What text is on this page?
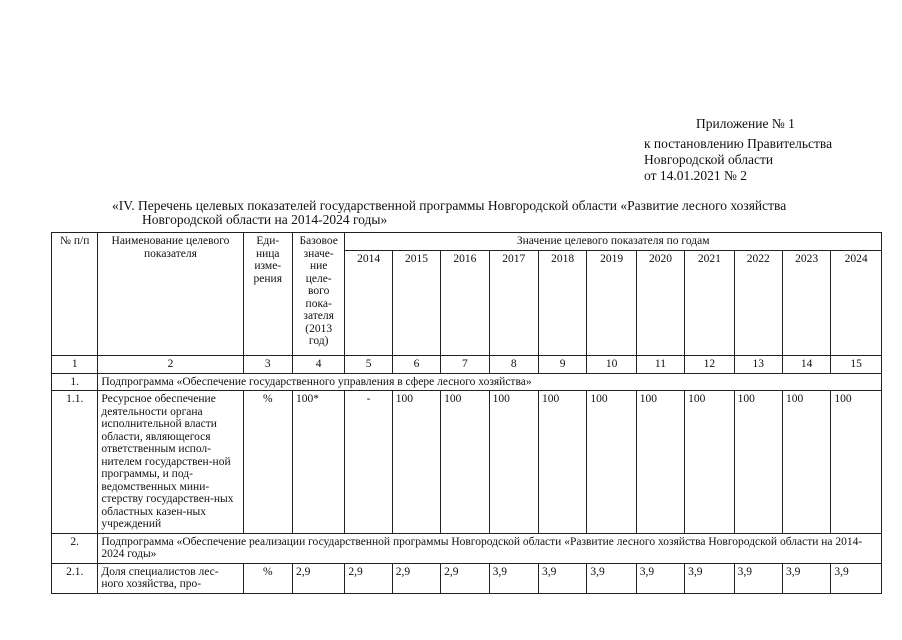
·
Приложение № 1
к постановлению Правительства
Новгородской области
от 14.01.2021 № 2
«IV. Перечень целевых показателей государственной программы Новгородской области «Развитие лесного хозяйства
Новгородской области на 2014-2024 годы»
№ п/п	Наименование целевого показателя	Еди-ница изме-рения	Базовое значе-ние целе-вого пока-зателя (2013 год)	Значение целевого показателя по годам										
				2014	2015	2016	2017	2018	2019	2020	2021	2022	2023	2024
1	2	3	4	5	6	7	8	9	10	11	12	13	14	15
1.	Подпрограмма «Обеспечение государственного управления в сфере лесного хозяйства»													
1.1.	Ресурсное обеспечение деятельности органа исполнительной власти области, являющегося ответственным испол-нителем государствен-ной программы, и под-ведомственных мини-стерству государствен-ных областных казен-ных учреждений	%	100*	-	100	100	100	100	100	100	100	100	100	100
2.	Подпрограмма «Обеспечение реализации государственной программы Новгородской области «Развитие лесного хозяйства Новгородской области на 2014-2024 годы»													
2.1.	Доля специалистов лес-ного хозяйства, про-	%	2,9	2,9	2,9	2,9	3,9	3,9	3,9	3,9	3,9	3,9	3,9	3,9
